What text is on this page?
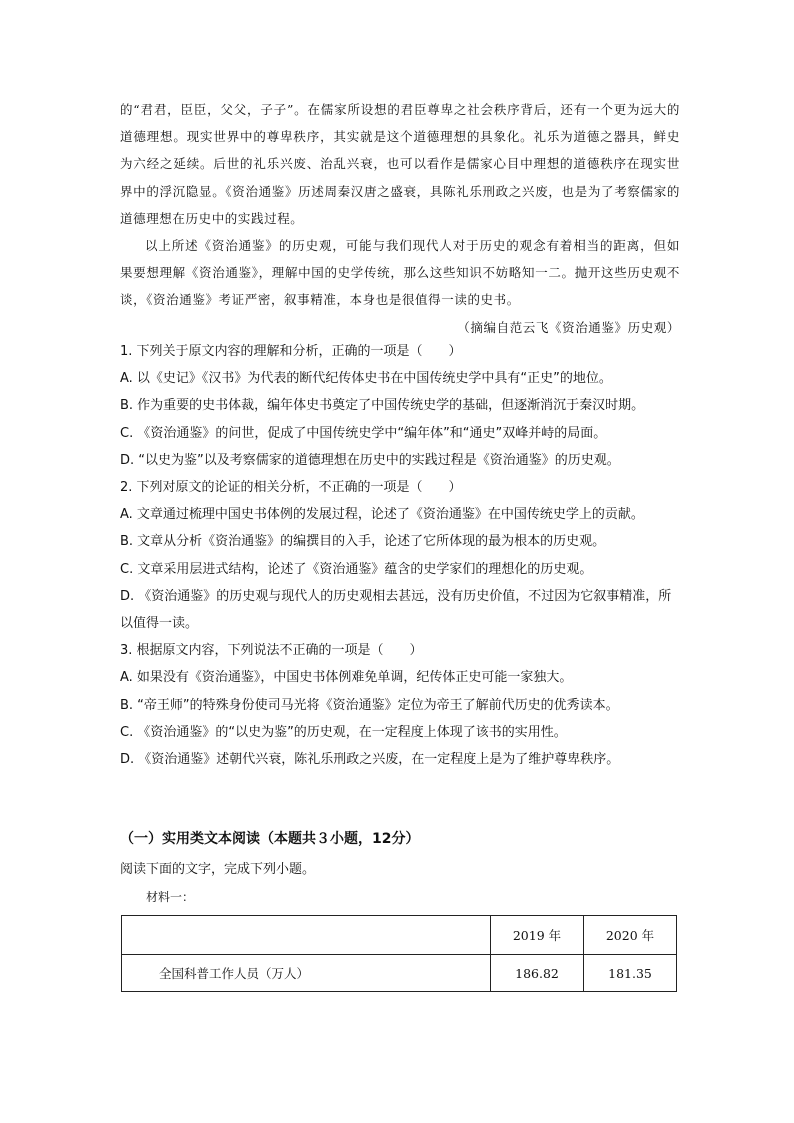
的“君君，臣臣，父父，子子”。在儒家所设想的君臣尊卑之社会秩序背后，还有一个更为远大的道德理想。现实世界中的尊卑秩序，其实就是这个道德理想的具象化。礼乐为道德之器具，鲜史为六经之延续。后世的礼乐兴废、治乱兴衰，也可以看作是儒家心目中理想的道德秩序在现实世界中的浮沉隐显。《资治通鉴》历述周秦汉唐之盛衰，具陈礼乐刑政之兴废，也是为了考察儒家的道德理想在历史中的实践过程。

以上所述《资治通鉴》的历史观，可能与我们现代人对于历史的观念有着相当的距离，但如果要想理解《资治通鉴》，理解中国的史学传统，那么这些知识不妨略知一二。抛开这些历史观不谈，《资治通鉴》考证严密，叙事精准，本身也是很值得一读的史书。

（摘编自范云飞《资治通鉴》历史观）

1. 下列关于原文内容的理解和分析，正确的一项是（　　）
A. 以《史记》《汉书》为代表的断代纪传体史书在中国传统史学中具有“正史”的地位。
B. 作为重要的史书体裁，编年体史书奠定了中国传统史学的基础，但逐渐消沉于秦汉时期。
C. 《资治通鉴》的问世，促成了中国传统史学中“编年体”和“通史”双峰并峙的局面。
D. “以史为鉴”以及考察儒家的道德理想在历史中的实践过程是《资治通鉴》的历史观。
2. 下列对原文的论证的相关分析，不正确的一项是（　　）
A. 文章通过梳理中国史书体例的发展过程，论述了《资治通鉴》在中国传统史学上的贡献。
B. 文章从分析《资治通鉴》的编撰目的入手，论述了它所体现的最为根本的历史观。
C. 文章采用层进式结构，论述了《资治通鉴》蕴含的史学家们的理想化的历史观。
D. 《资治通鉴》的历史观与现代人的历史观相去甚远，没有历史价值，不过因为它叙事精准，所以值得一读。
3. 根据原文内容，下列说法不正确的一项是（　　）
A. 如果没有《资治通鉴》，中国史书体例难免单调，纪传体正史可能一家独大。
B. “帝王师”的特殊身份使司马光将《资治通鉴》定位为帝王了解前代历史的优秀读本。
C. 《资治通鉴》的“以史为鉴”的历史观，在一定程度上体现了该书的实用性。
D. 《资治通鉴》述朝代兴衰，陈礼乐刑政之兴废，在一定程度上是为了维护尊卑秩序。
（一）实用类文本阅读（本题共３小题，12分）
阅读下面的文字，完成下列小题。
材料一：
	2019 年	2020 年
全国科普工作人员（万人）	186.82	181.35
